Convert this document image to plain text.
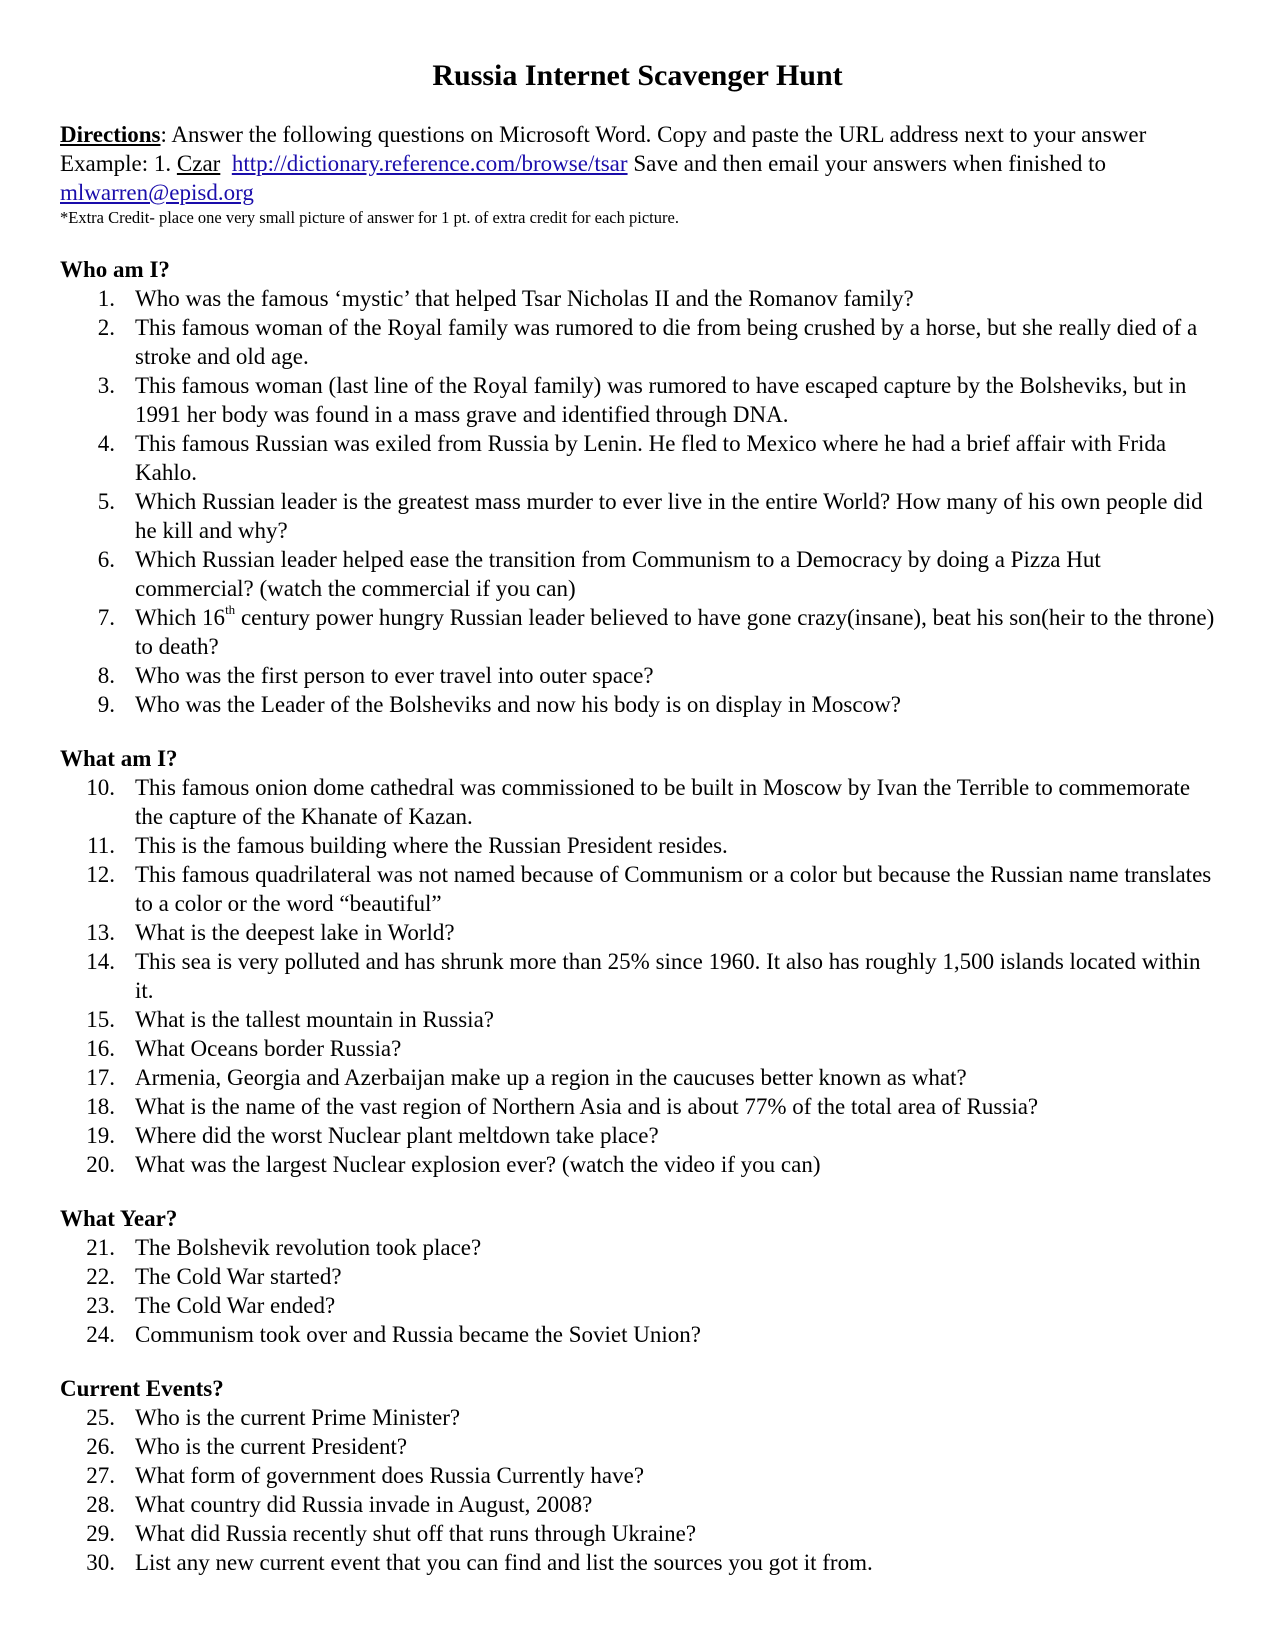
Russia Internet Scavenger Hunt

Directions: Answer the following questions on Microsoft Word. Copy and paste the URL address next to your answer Example: 1. Czar http://dictionary.reference.com/browse/tsar Save and then email your answers when finished to mlwarren@episd.org

*Extra Credit- place one very small picture of answer for 1 pt. of extra credit for each picture.

Who am I?

1. Who was the famous ‘mystic’ that helped Tsar Nicholas II and the Romanov family?
2. This famous woman of the Royal family was rumored to die from being crushed by a horse, but she really died of a stroke and old age.
3. This famous woman (last line of the Royal family) was rumored to have escaped capture by the Bolsheviks, but in 1991 her body was found in a mass grave and identified through DNA.
4. This famous Russian was exiled from Russia by Lenin. He fled to Mexico where he had a brief affair with Frida Kahlo.
5. Which Russian leader is the greatest mass murder to ever live in the entire World? How many of his own people did he kill and why?
6. Which Russian leader helped ease the transition from Communism to a Democracy by doing a Pizza Hut commercial? (watch the commercial if you can)
7. Which 16th century power hungry Russian leader believed to have gone crazy(insane), beat his son(heir to the throne) to death?
8. Who was the first person to ever travel into outer space?
9. Who was the Leader of the Bolsheviks and now his body is on display in Moscow?

What am I?

10. This famous onion dome cathedral was commissioned to be built in Moscow by Ivan the Terrible to commemorate the capture of the Khanate of Kazan.
11. This is the famous building where the Russian President resides.
12. This famous quadrilateral was not named because of Communism or a color but because the Russian name translates to a color or the word “beautiful”
13. What is the deepest lake in World?
14. This sea is very polluted and has shrunk more than 25% since 1960. It also has roughly 1,500 islands located within it.
15. What is the tallest mountain in Russia?
16. What Oceans border Russia?
17. Armenia, Georgia and Azerbaijan make up a region in the caucuses better known as what?
18. What is the name of the vast region of Northern Asia and is about 77% of the total area of Russia?
19. Where did the worst Nuclear plant meltdown take place?
20. What was the largest Nuclear explosion ever? (watch the video if you can)

What Year?

21. The Bolshevik revolution took place?
22. The Cold War started?
23. The Cold War ended?
24. Communism took over and Russia became the Soviet Union?

Current Events?

25. Who is the current Prime Minister?
26. Who is the current President?
27. What form of government does Russia Currently have?
28. What country did Russia invade in August, 2008?
29. What did Russia recently shut off that runs through Ukraine?
30. List any new current event that you can find and list the sources you got it from.
